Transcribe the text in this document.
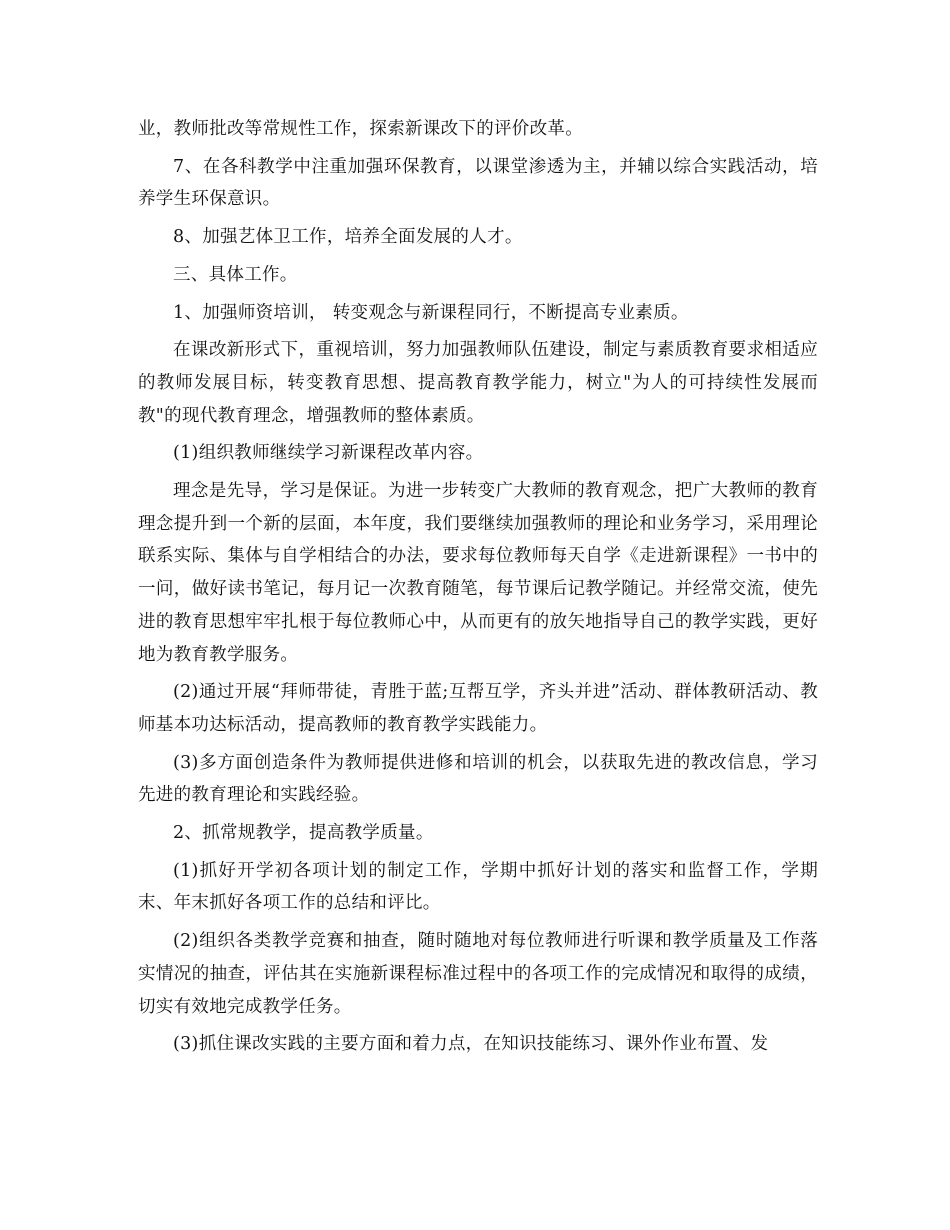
业，教师批改等常规性工作，探索新课改下的评价改革。

7、在各科教学中注重加强环保教育，以课堂渗透为主，并辅以综合实践活动，培养学生环保意识。

8、加强艺体卫工作，培养全面发展的人才。

三、具体工作。

1、加强师资培训， 转变观念与新课程同行，不断提高专业素质。

在课改新形式下，重视培训，努力加强教师队伍建设，制定与素质教育要求相适应的教师发展目标，转变教育思想、提高教育教学能力，树立"为人的可持续性发展而教"的现代教育理念，增强教师的整体素质。

(1)组织教师继续学习新课程改革内容。

理念是先导，学习是保证。为进一步转变广大教师的教育观念，把广大教师的教育理念提升到一个新的层面，本年度，我们要继续加强教师的理论和业务学习，采用理论联系实际、集体与自学相结合的办法，要求每位教师每天自学《走进新课程》一书中的一问，做好读书笔记，每月记一次教育随笔，每节课后记教学随记。并经常交流，使先进的教育思想牢牢扎根于每位教师心中，从而更有的放矢地指导自己的教学实践，更好地为教育教学服务。

(2)通过开展“拜师带徒，青胜于蓝;互帮互学，齐头并进”活动、群体教研活动、教师基本功达标活动，提高教师的教育教学实践能力。

(3)多方面创造条件为教师提供进修和培训的机会，以获取先进的教改信息，学习先进的教育理论和实践经验。

2、抓常规教学，提高教学质量。

(1)抓好开学初各项计划的制定工作，学期中抓好计划的落实和监督工作，学期末、年末抓好各项工作的总结和评比。

(2)组织各类教学竞赛和抽查，随时随地对每位教师进行听课和教学质量及工作落实情况的抽查，评估其在实施新课程标准过程中的各项工作的完成情况和取得的成绩，切实有效地完成教学任务。

(3)抓住课改实践的主要方面和着力点，在知识技能练习、课外作业布置、发
